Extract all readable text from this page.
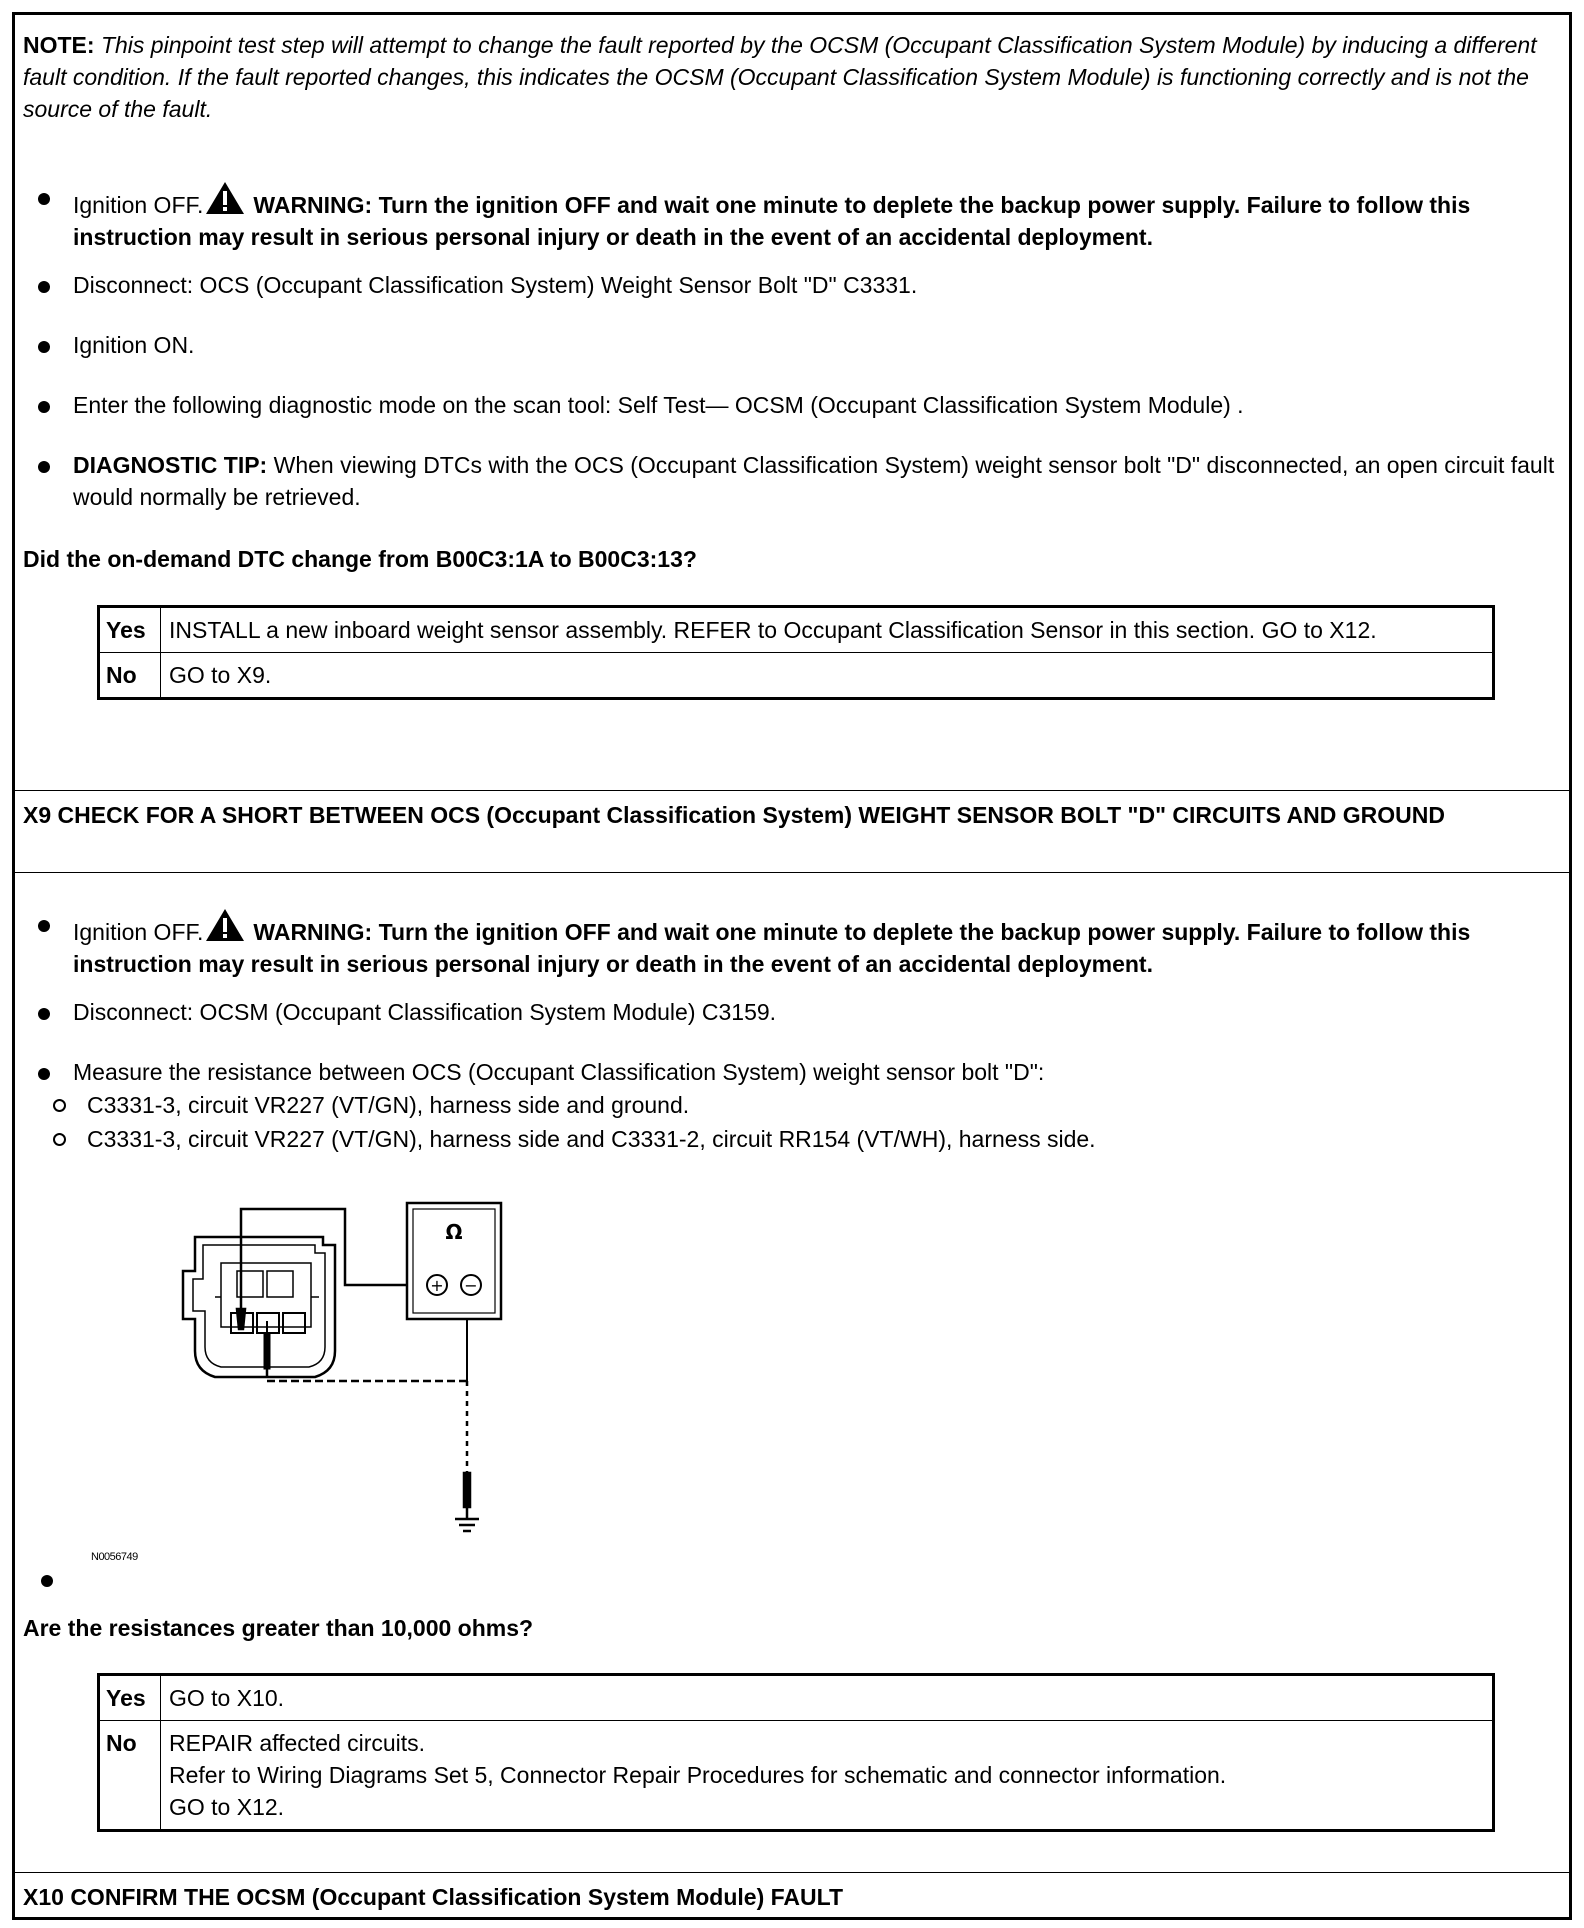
NOTE: This pinpoint test step will attempt to change the fault reported by the OCSM (Occupant Classification System Module) by inducing a different fault condition. If the fault reported changes, this indicates the OCSM (Occupant Classification System Module) is functioning correctly and is not the source of the fault.
Ignition OFF. WARNING: Turn the ignition OFF and wait one minute to deplete the backup power supply. Failure to follow this instruction may result in serious personal injury or death in the event of an accidental deployment.
Disconnect: OCS (Occupant Classification System) Weight Sensor Bolt "D" C3331.
Ignition ON.
Enter the following diagnostic mode on the scan tool: Self Test— OCSM (Occupant Classification System Module) .
DIAGNOSTIC TIP: When viewing DTCs with the OCS (Occupant Classification System) weight sensor bolt "D" disconnected, an open circuit fault would normally be retrieved.
Did the on-demand DTC change from B00C3:1A to B00C3:13?
Yes	INSTALL a new inboard weight sensor assembly. REFER to Occupant Classification Sensor in this section. GO to X12.
No	GO to X9.
X9 CHECK FOR A SHORT BETWEEN OCS (Occupant Classification System) WEIGHT SENSOR BOLT "D" CIRCUITS AND GROUND
Ignition OFF. WARNING: Turn the ignition OFF and wait one minute to deplete the backup power supply. Failure to follow this instruction may result in serious personal injury or death in the event of an accidental deployment.
Disconnect: OCSM (Occupant Classification System Module) C3159.
Measure the resistance between OCS (Occupant Classification System) weight sensor bolt "D":
C3331-3, circuit VR227 (VT/GN), harness side and ground.
C3331-3, circuit VR227 (VT/GN), harness side and C3331-2, circuit RR154 (VT/WH), harness side.
Ω
+ −
N0056749
Are the resistances greater than 10,000 ohms?
Yes	GO to X10.
No	REPAIR affected circuits.
Refer to Wiring Diagrams Set 5, Connector Repair Procedures for schematic and connector information.
GO to X12.
X10 CONFIRM THE OCSM (Occupant Classification System Module) FAULT
